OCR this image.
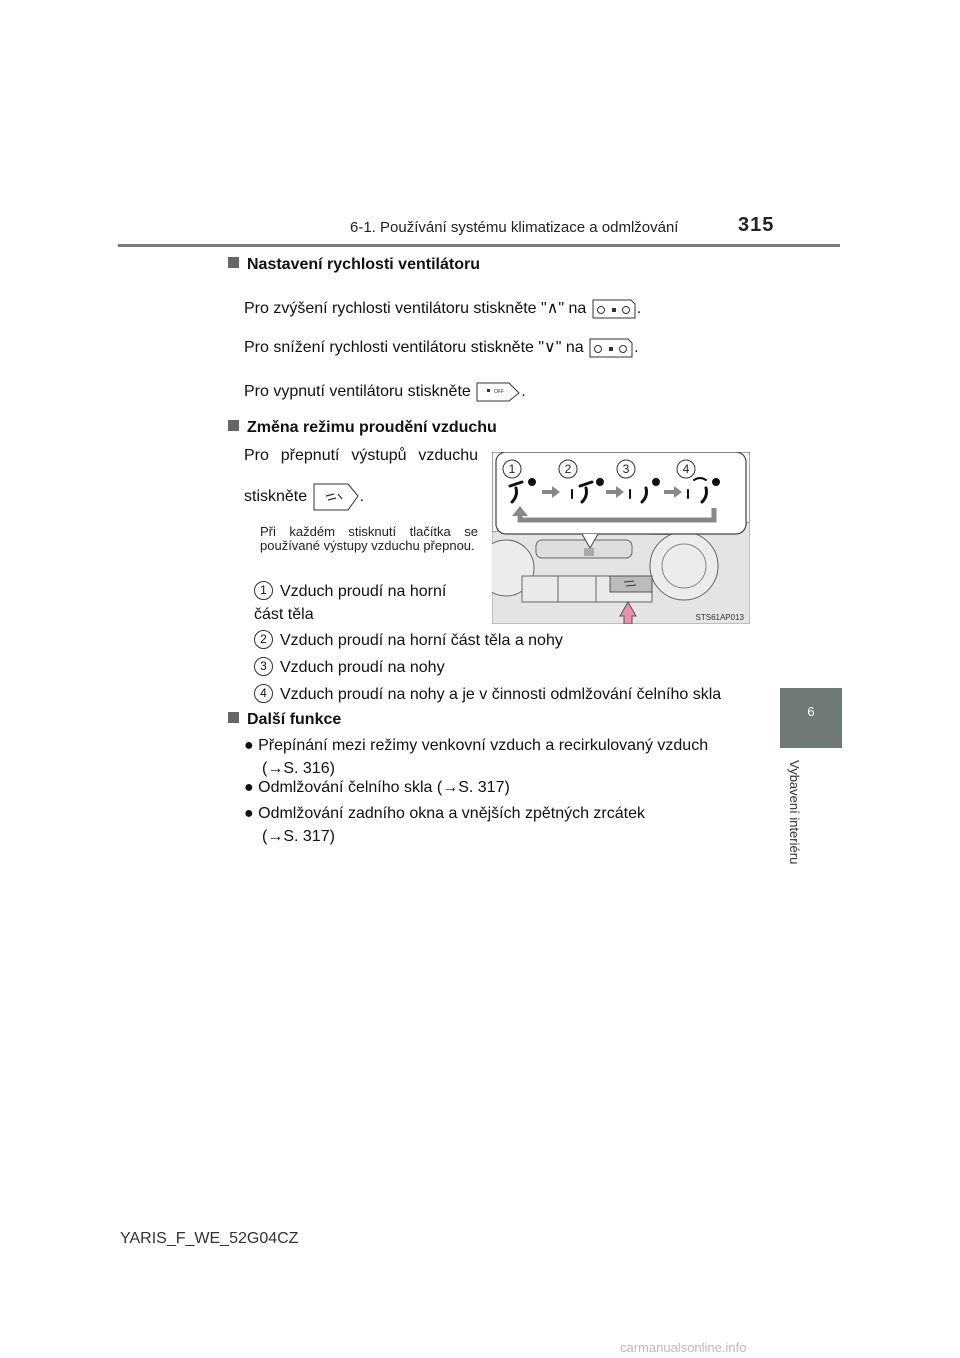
6-1. Používání systému klimatizace a odmlžování	315
6
Vybavení interiéru
Nastavení rychlosti ventilátoru
Pro zvýšení rychlosti ventilátoru stiskněte "∧" na	.
Pro snížení rychlosti ventilátoru stiskněte "∨" na	.
Pro vypnutí ventilátoru stiskněte	OFF .
Změna režimu proudění vzduchu
Pro přepnutí výstupů vzduchu
stiskněte	.
Při každém stisknutí tlačítka se používané výstupy vzduchu přepnou.
1 Vzduch proudí na horní část těla
2 Vzduch proudí na horní část těla a nohy
3 Vzduch proudí na nohy
4 Vzduch proudí na nohy a je v činnosti odmlžování čelního skla
1	2	3	4
STS61AP013
Další funkce
● Přepínání mezi režimy venkovní vzduch a recirkulovaný vzduch
(→S. 316)
● Odmlžování čelního skla (→S. 317)
● Odmlžování zadního okna a vnějších zpětných zrcátek
(→S. 317)
YARIS_F_WE_52G04CZ
carmanualsonline.info
